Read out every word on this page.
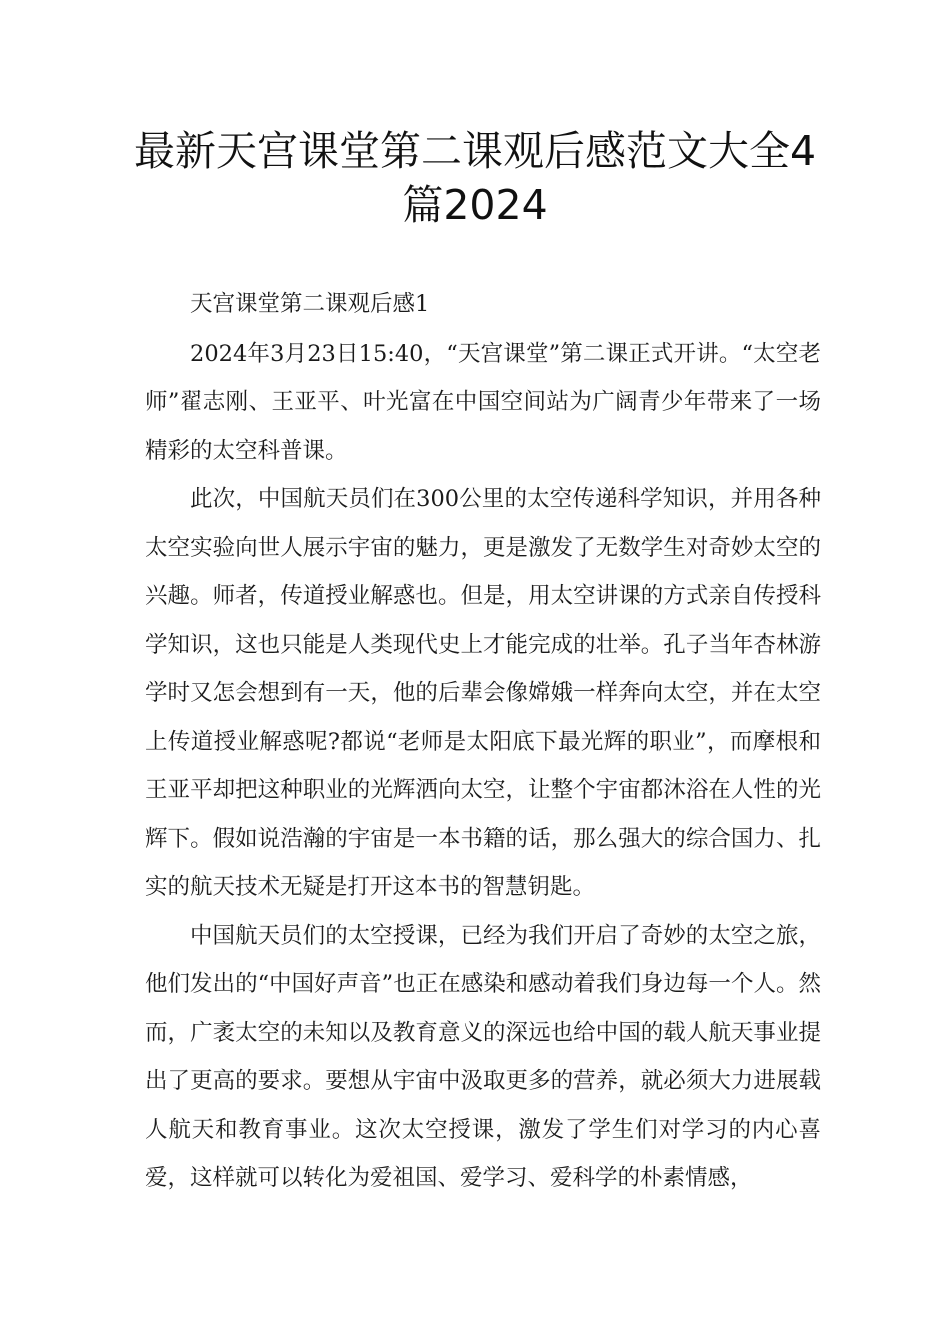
最新天宫课堂第二课观后感范文大全4篇2024

天宫课堂第二课观后感1

2024年3月23日15:40，“天宫课堂”第二课正式开讲。“太空老师”翟志刚、王亚平、叶光富在中国空间站为广阔青少年带来了一场精彩的太空科普课。

此次，中国航天员们在300公里的太空传递科学知识，并用各种太空实验向世人展示宇宙的魅力，更是激发了无数学生对奇妙太空的兴趣。师者，传道授业解惑也。但是，用太空讲课的方式亲自传授科学知识，这也只能是人类现代史上才能完成的壮举。孔子当年杏林游学时又怎会想到有一天，他的后辈会像嫦娥一样奔向太空，并在太空上传道授业解惑呢?都说“老师是太阳底下最光辉的职业”，而摩根和王亚平却把这种职业的光辉洒向太空，让整个宇宙都沐浴在人性的光辉下。假如说浩瀚的宇宙是一本书籍的话，那么强大的综合国力、扎实的航天技术无疑是打开这本书的智慧钥匙。

中国航天员们的太空授课，已经为我们开启了奇妙的太空之旅，他们发出的“中国好声音”也正在感染和感动着我们身边每一个人。然而，广袤太空的未知以及教育意义的深远也给中国的载人航天事业提出了更高的要求。要想从宇宙中汲取更多的营养，就必须大力进展载人航天和教育事业。这次太空授课，激发了学生们对学习的内心喜爱，这样就可以转化为爱祖国、爱学习、爱科学的朴素情感，
